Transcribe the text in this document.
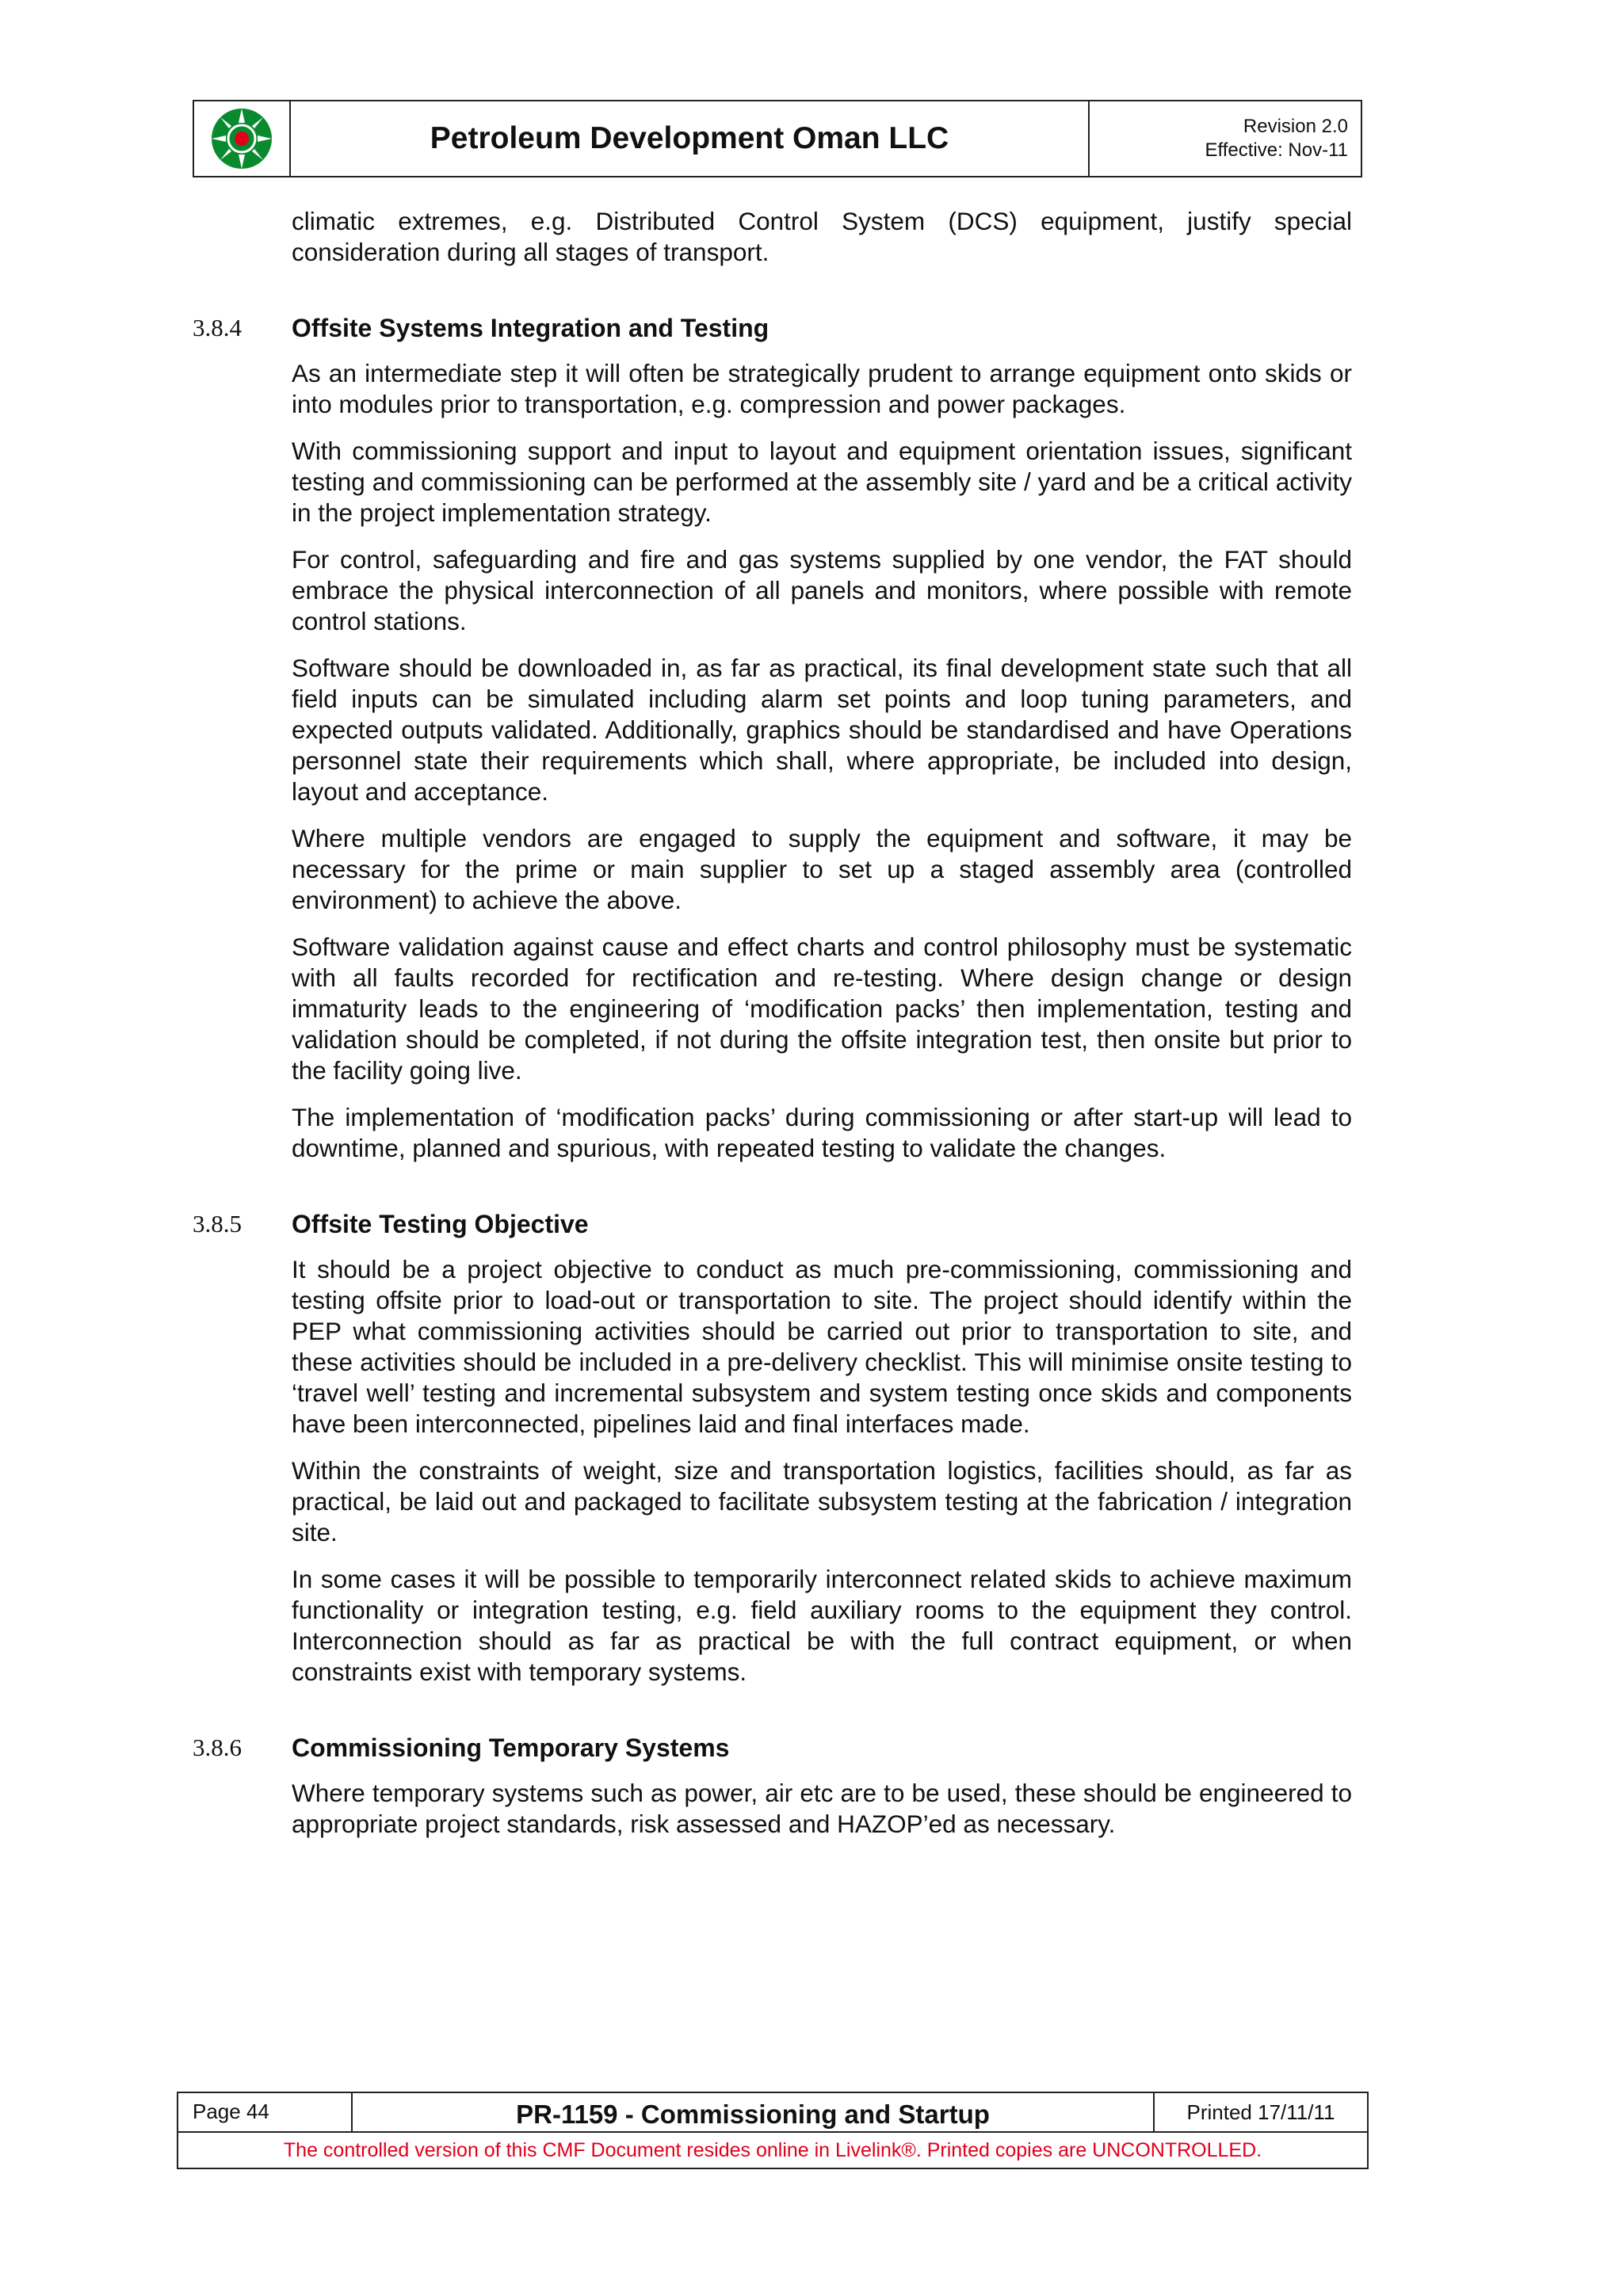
Petroleum Development Oman LLC	Revision 2.0
Effective: Nov-11

climatic extremes, e.g. Distributed Control System (DCS) equipment, justify special consideration during all stages of transport.

3.8.4 Offsite Systems Integration and Testing

As an intermediate step it will often be strategically prudent to arrange equipment onto skids or into modules prior to transportation, e.g. compression and power packages.

With commissioning support and input to layout and equipment orientation issues, significant testing and commissioning can be performed at the assembly site / yard and be a critical activity in the project implementation strategy.

For control, safeguarding and fire and gas systems supplied by one vendor, the FAT should embrace the physical interconnection of all panels and monitors, where possible with remote control stations.

Software should be downloaded in, as far as practical, its final development state such that all field inputs can be simulated including alarm set points and loop tuning parameters, and expected outputs validated. Additionally, graphics should be standardised and have Operations personnel state their requirements which shall, where appropriate, be included into design, layout and acceptance.

Where multiple vendors are engaged to supply the equipment and software, it may be necessary for the prime or main supplier to set up a staged assembly area (controlled environment) to achieve the above.

Software validation against cause and effect charts and control philosophy must be systematic with all faults recorded for rectification and re-testing. Where design change or design immaturity leads to the engineering of ‘modification packs’ then implementation, testing and validation should be completed, if not during the offsite integration test, then onsite but prior to the facility going live.

The implementation of ‘modification packs’ during commissioning or after start-up will lead to downtime, planned and spurious, with repeated testing to validate the changes.

3.8.5 Offsite Testing Objective

It should be a project objective to conduct as much pre-commissioning, commissioning and testing offsite prior to load-out or transportation to site. The project should identify within the PEP what commissioning activities should be carried out prior to transportation to site, and these activities should be included in a pre-delivery checklist. This will minimise onsite testing to ‘travel well’ testing and incremental subsystem and system testing once skids and components have been interconnected, pipelines laid and final interfaces made.

Within the constraints of weight, size and transportation logistics, facilities should, as far as practical, be laid out and packaged to facilitate subsystem testing at the fabrication / integration site.

In some cases it will be possible to temporarily interconnect related skids to achieve maximum functionality or integration testing, e.g. field auxiliary rooms to the equipment they control. Interconnection should as far as practical be with the full contract equipment, or when constraints exist with temporary systems.

3.8.6 Commissioning Temporary Systems

Where temporary systems such as power, air etc are to be used, these should be engineered to appropriate project standards, risk assessed and HAZOP’ed as necessary.

Page 44	PR-1159 - Commissioning and Startup	Printed 17/11/11
The controlled version of this CMF Document resides online in Livelink®. Printed copies are UNCONTROLLED.
